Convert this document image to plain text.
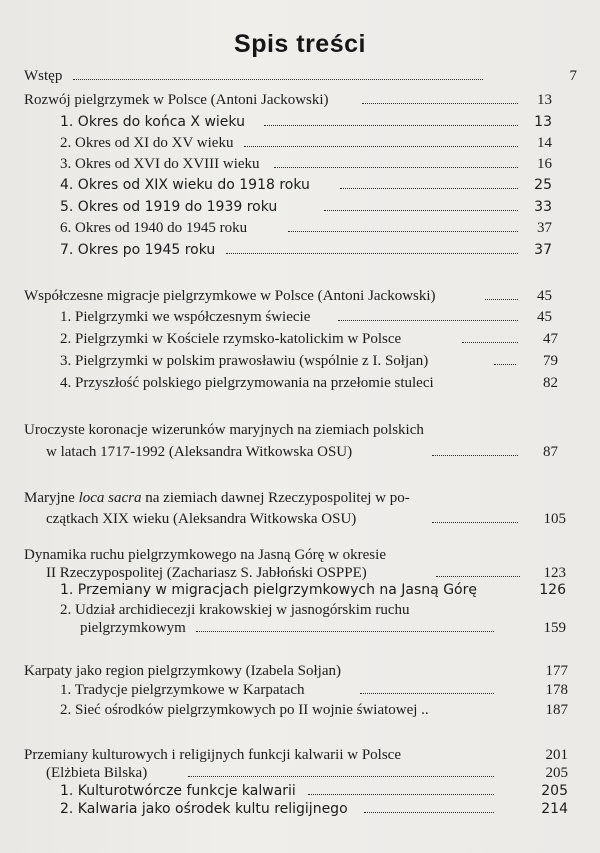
Spis treści
Wstęp	7
Rozwój pielgrzymek w Polsce (Antoni Jackowski)	13
1. Okres do końca X wieku	13
2. Okres od XI do XV wieku	14
3. Okres od XVI do XVIII wieku	16
4. Okres od XIX wieku do 1918 roku	25
5. Okres od 1919 do 1939 roku	33
6. Okres od 1940 do 1945 roku	37
7. Okres po 1945 roku	37
Współczesne migracje pielgrzymkowe w Polsce (Antoni Jackowski)	45
1. Pielgrzymki we współczesnym świecie	45
2. Pielgrzymki w Kościele rzymsko-katolickim w Polsce	47
3. Pielgrzymki w polskim prawosławiu (wspólnie z I. Sołjan)	79
4. Przyszłość polskiego pielgrzymowania na przełomie stuleci	82
Uroczyste koronacje wizerunków maryjnych na ziemiach polskich
w latach 1717-1992 (Aleksandra Witkowska OSU)	87
Maryjne loca sacra na ziemiach dawnej Rzeczypospolitej w po-
czątkach XIX wieku (Aleksandra Witkowska OSU)	105
Dynamika ruchu pielgrzymkowego na Jasną Górę w okresie
II Rzeczypospolitej (Zachariasz S. Jabłoński OSPPE)	123
1. Przemiany w migracjach pielgrzymkowych na Jasną Górę	126
2. Udział archidiecezji krakowskiej w jasnogórskim ruchu
pielgrzymkowym	159
Karpaty jako region pielgrzymkowy (Izabela Sołjan)	177
1. Tradycje pielgrzymkowe w Karpatach	178
2. Sieć ośrodków pielgrzymkowych po II wojnie światowej ..	187
Przemiany kulturowych i religijnych funkcji kalwarii w Polsce	201
(Elżbieta Bilska)	205
1. Kulturotwórcze funkcje kalwarii	205
2. Kalwaria jako ośrodek kultu religijnego	214
